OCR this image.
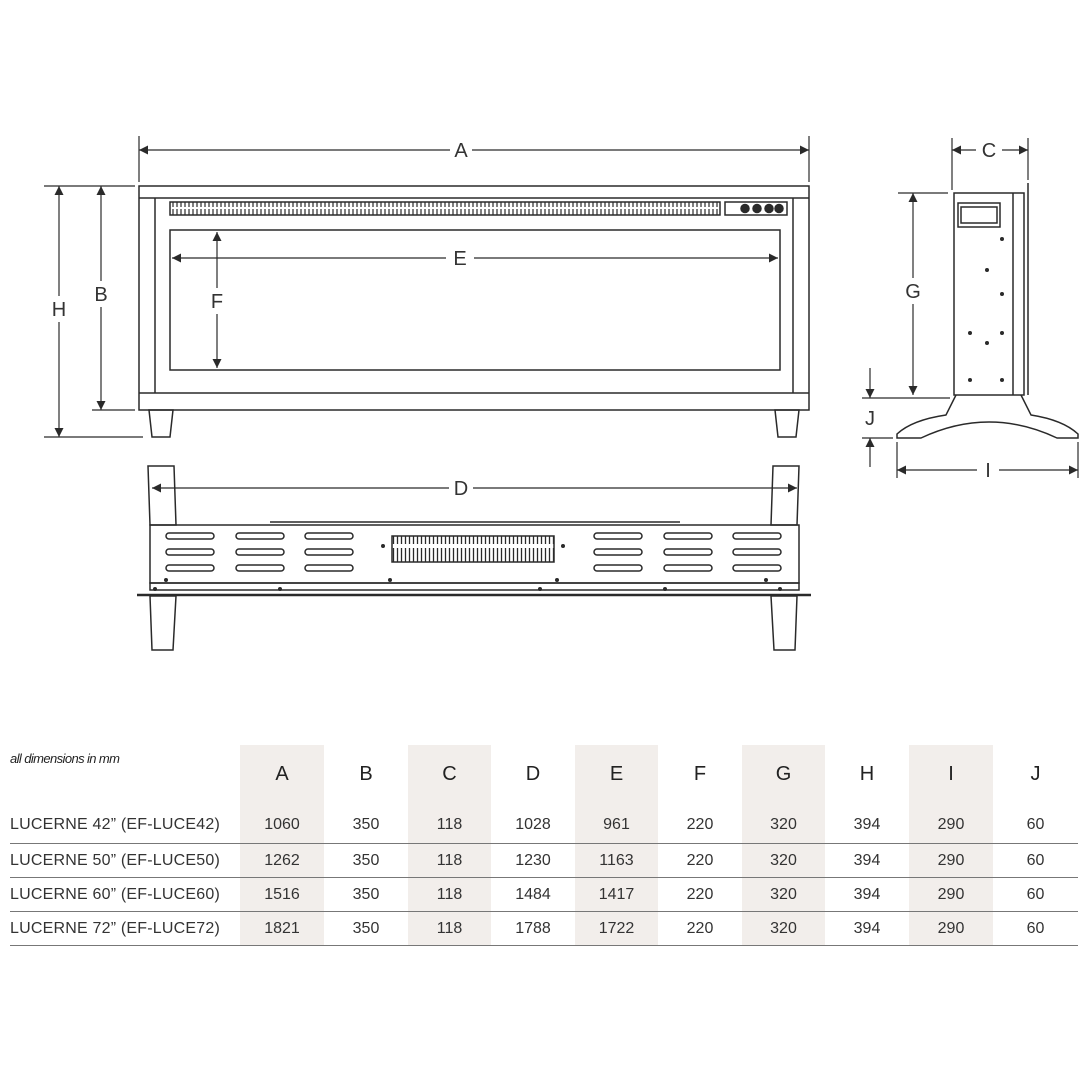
A
H
B
E
F
C
G
J
I
D
all dimensions in mm	A	B	C	D	E	F	G	H	I	J
LUCERNE 42” (EF-LUCE42)	1060	350	118	1028	961	220	320	394	290	60
LUCERNE 50” (EF-LUCE50)	1262	350	118	1230	1163	220	320	394	290	60
LUCERNE 60” (EF-LUCE60)	1516	350	118	1484	1417	220	320	394	290	60
LUCERNE 72” (EF-LUCE72)	1821	350	118	1788	1722	220	320	394	290	60
